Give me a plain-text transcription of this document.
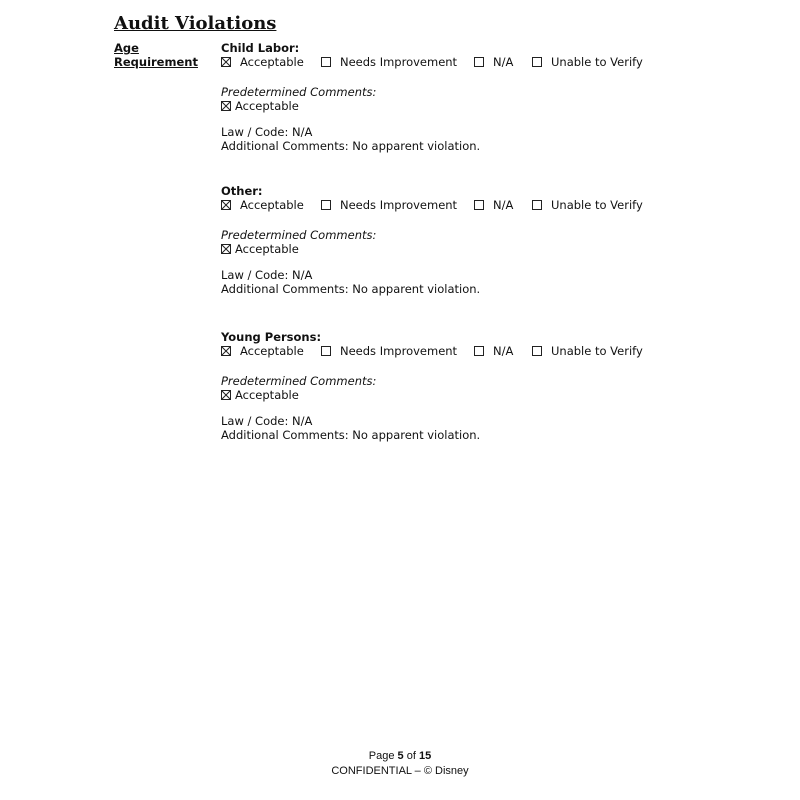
Audit Violations
Age Requirement
Child Labor:
Acceptable	Needs Improvement	N/A	Unable to Verify
Predetermined Comments:
Acceptable
Law / Code: N/A
Additional Comments: No apparent violation.
Other:
Acceptable	Needs Improvement	N/A	Unable to Verify
Predetermined Comments:
Acceptable
Law / Code: N/A
Additional Comments: No apparent violation.
Young Persons:
Acceptable	Needs Improvement	N/A	Unable to Verify
Predetermined Comments:
Acceptable
Law / Code: N/A
Additional Comments: No apparent violation.
Page 5 of 15
CONFIDENTIAL – © Disney
